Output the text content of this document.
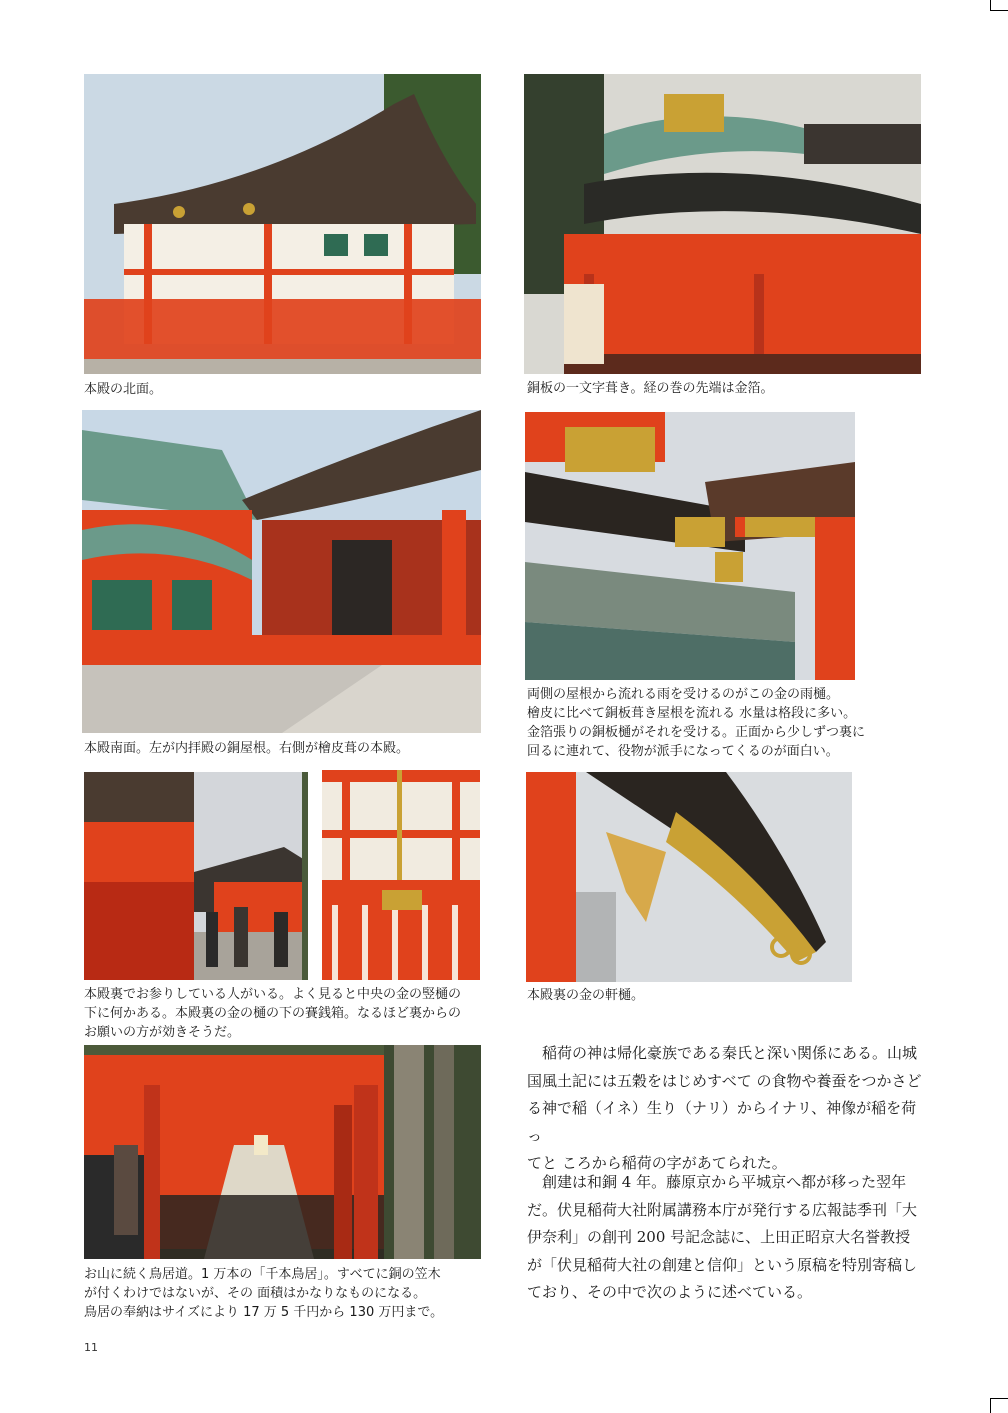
本殿の北面。	銅板の一文字葺き。経の巻の先端は金箔。
本殿南面。左が内拝殿の銅屋根。右側が檜皮葺の本殿。
両側の屋根から流れる雨を受けるのがこの金の雨樋。
檜皮に比べて銅板葺き屋根を流れる 水量は格段に多い。
金箔張りの銅板樋がそれを受ける。正面から少しずつ裏に
回るに連れて、役物が派手になってくるのが面白い。
本殿裏でお参りしている人がいる。よく見ると中央の金の竪樋の
下に何かある。本殿裏の金の樋の下の賽銭箱。なるほど裏からの
お願いの方が効きそうだ。
本殿裏の金の軒樋。
お山に続く鳥居道。1 万本の「千本鳥居」。すべてに銅の笠木
が付くわけではないが、その 面積はかなりなものになる。
鳥居の奉納はサイズにより 17 万 5 千円から 130 万円まで。

稲荷の神は帰化豪族である秦氏と深い関係にある。山城

国風土記には五穀をはじめすべて の食物や養蚕をつかさど

る神で稲（イネ）生り（ナリ）からイナリ、神像が稲を荷っ

てと ころから稲荷の字があてられた。

創建は和銅 4 年。藤原京から平城京へ都が移った翌年

だ。伏見稲荷大社附属講務本庁が発行する広報誌季刊「大

伊奈利」の創刊 200 号記念誌に、上田正昭京大名誉教授

が「伏見稲荷大社の創建と信仰」という原稿を特別寄稿し

ており、その中で次のように述べている。

11
